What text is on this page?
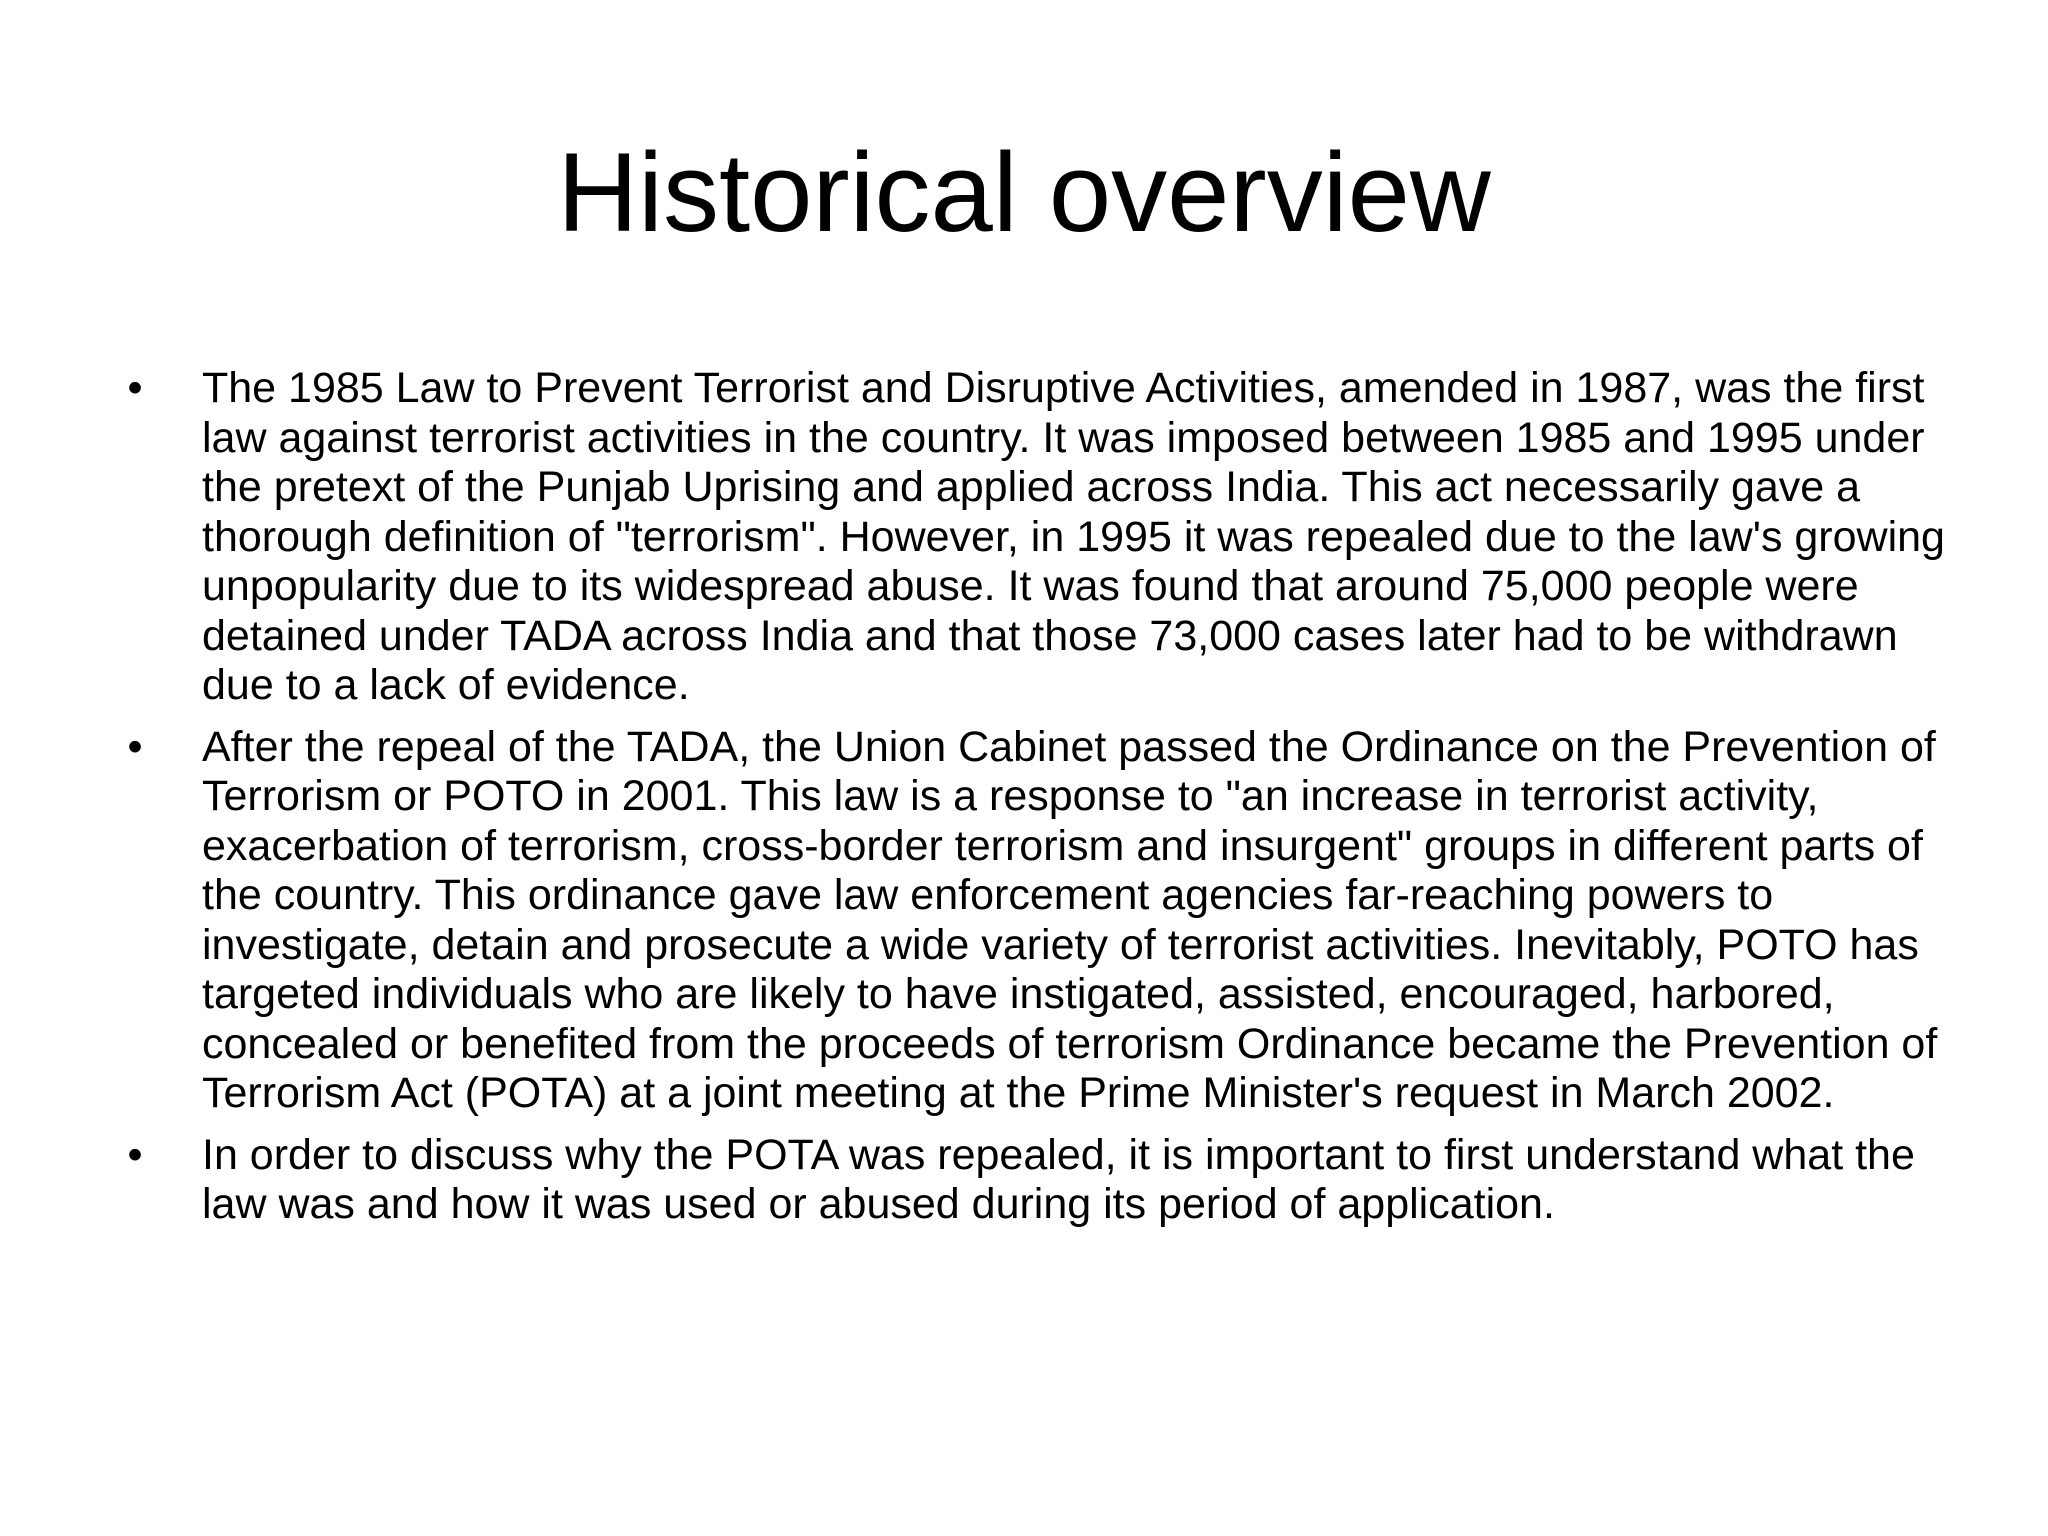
Historical overview
• The 1985 Law to Prevent Terrorist and Disruptive Activities, amended in 1987, was the first law against terrorist activities in the country. It was imposed between 1985 and 1995 under the pretext of the Punjab Uprising and applied across India. This act necessarily gave a thorough definition of "terrorism". However, in 1995 it was repealed due to the law's growing unpopularity due to its widespread abuse. It was found that around 75,000 people were detained under TADA across India and that those 73,000 cases later had to be withdrawn due to a lack of evidence.
• After the repeal of the TADA, the Union Cabinet passed the Ordinance on the Prevention of Terrorism or POTO in 2001. This law is a response to "an increase in terrorist activity, exacerbation of terrorism, cross-border terrorism and insurgent" groups in different parts of the country. This ordinance gave law enforcement agencies far-reaching powers to investigate, detain and prosecute a wide variety of terrorist activities. Inevitably, POTO has targeted individuals who are likely to have instigated, assisted, encouraged, harbored, concealed or benefited from the proceeds of terrorism Ordinance became the Prevention of Terrorism Act (POTA) at a joint meeting at the Prime Minister's request in March 2002.
• In order to discuss why the POTA was repealed, it is important to first understand what the law was and how it was used or abused during its period of application.
